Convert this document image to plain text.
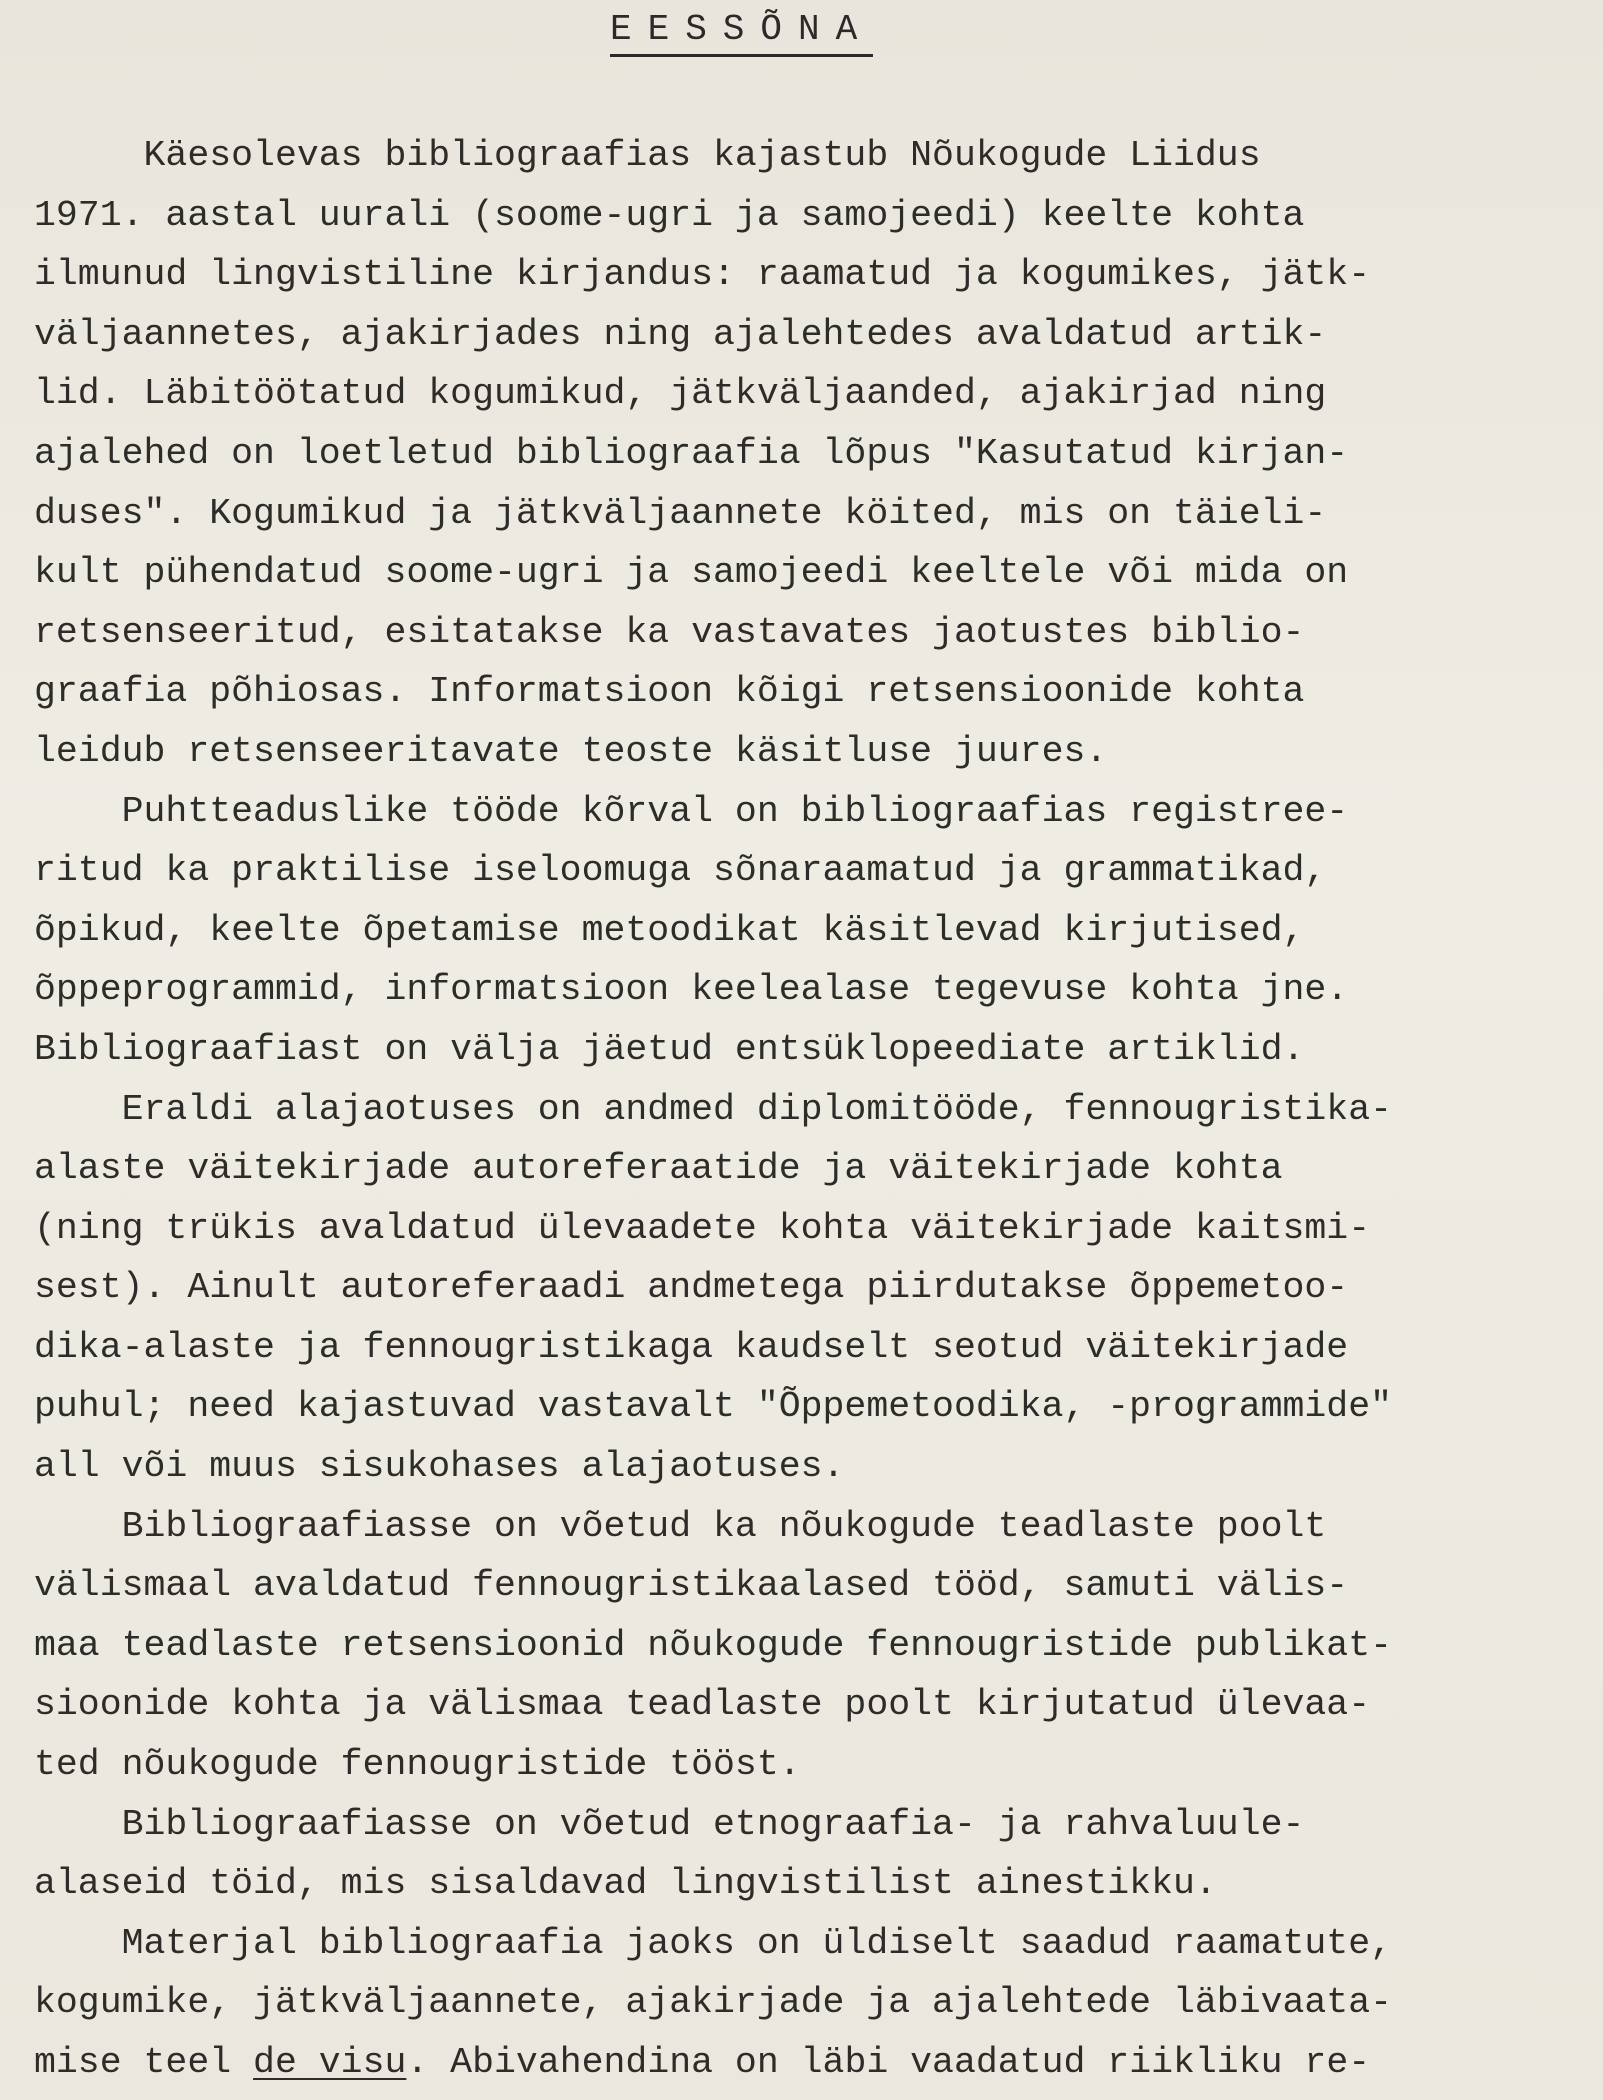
EESSÕNA
Käesolevas bibliograafias kajastub Nõukogude Liidus
1971. aastal uurali (soome-ugri ja samojeedi) keelte kohta
ilmunud lingvistiline kirjandus: raamatud ja kogumikes, jätk-
väljaannetes, ajakirjades ning ajalehtedes avaldatud artik-
lid. Läbitöötatud kogumikud, jätkväljaanded, ajakirjad ning
ajalehed on loetletud bibliograafia lõpus "Kasutatud kirjan-
duses". Kogumikud ja jätkväljaannete köited, mis on täieli-
kult pühendatud soome-ugri ja samojeedi keeltele või mida on
retsenseeritud, esitatakse ka vastavates jaotustes biblio-
graafia põhiosas. Informatsioon kõigi retsensioonide kohta
leidub retsenseeritavate teoste käsitluse juures.
Puhtteaduslike tööde kõrval on bibliograafias registree-
ritud ka praktilise iseloomuga sõnaraamatud ja grammatikad,
õpikud, keelte õpetamise metoodikat käsitlevad kirjutised,
õppeprogrammid, informatsioon keelealase tegevuse kohta jne.
Bibliograafiast on välja jäetud entsüklopeediate artiklid.
Eraldi alajaotuses on andmed diplomitööde, fennougristika-
alaste väitekirjade autoreferaatide ja väitekirjade kohta
(ning trükis avaldatud ülevaadete kohta väitekirjade kaitsmi-
sest). Ainult autoreferaadi andmetega piirdutakse õppemetoo-
dika-alaste ja fennougristikaga kaudselt seotud väitekirjade
puhul; need kajastuvad vastavalt "Õppemetoodika, -programmide"
all või muus sisukohases alajaotuses.
Bibliograafiasse on võetud ka nõukogude teadlaste poolt
välismaal avaldatud fennougristikaalased tööd, samuti välis-
maa teadlaste retsensioonid nõukogude fennougristide publikat-
sioonide kohta ja välismaa teadlaste poolt kirjutatud ülevaa-
ted nõukogude fennougristide tööst.
Bibliograafiasse on võetud etnograafia- ja rahvaluule-
alaseid töid, mis sisaldavad lingvistilist ainestikku.
Materjal bibliograafia jaoks on üldiselt saadud raamatute,
kogumike, jätkväljaannete, ajakirjade ja ajalehtede läbivaata-
mise teel de visu. Abivahendina on läbi vaadatud riikliku re-
